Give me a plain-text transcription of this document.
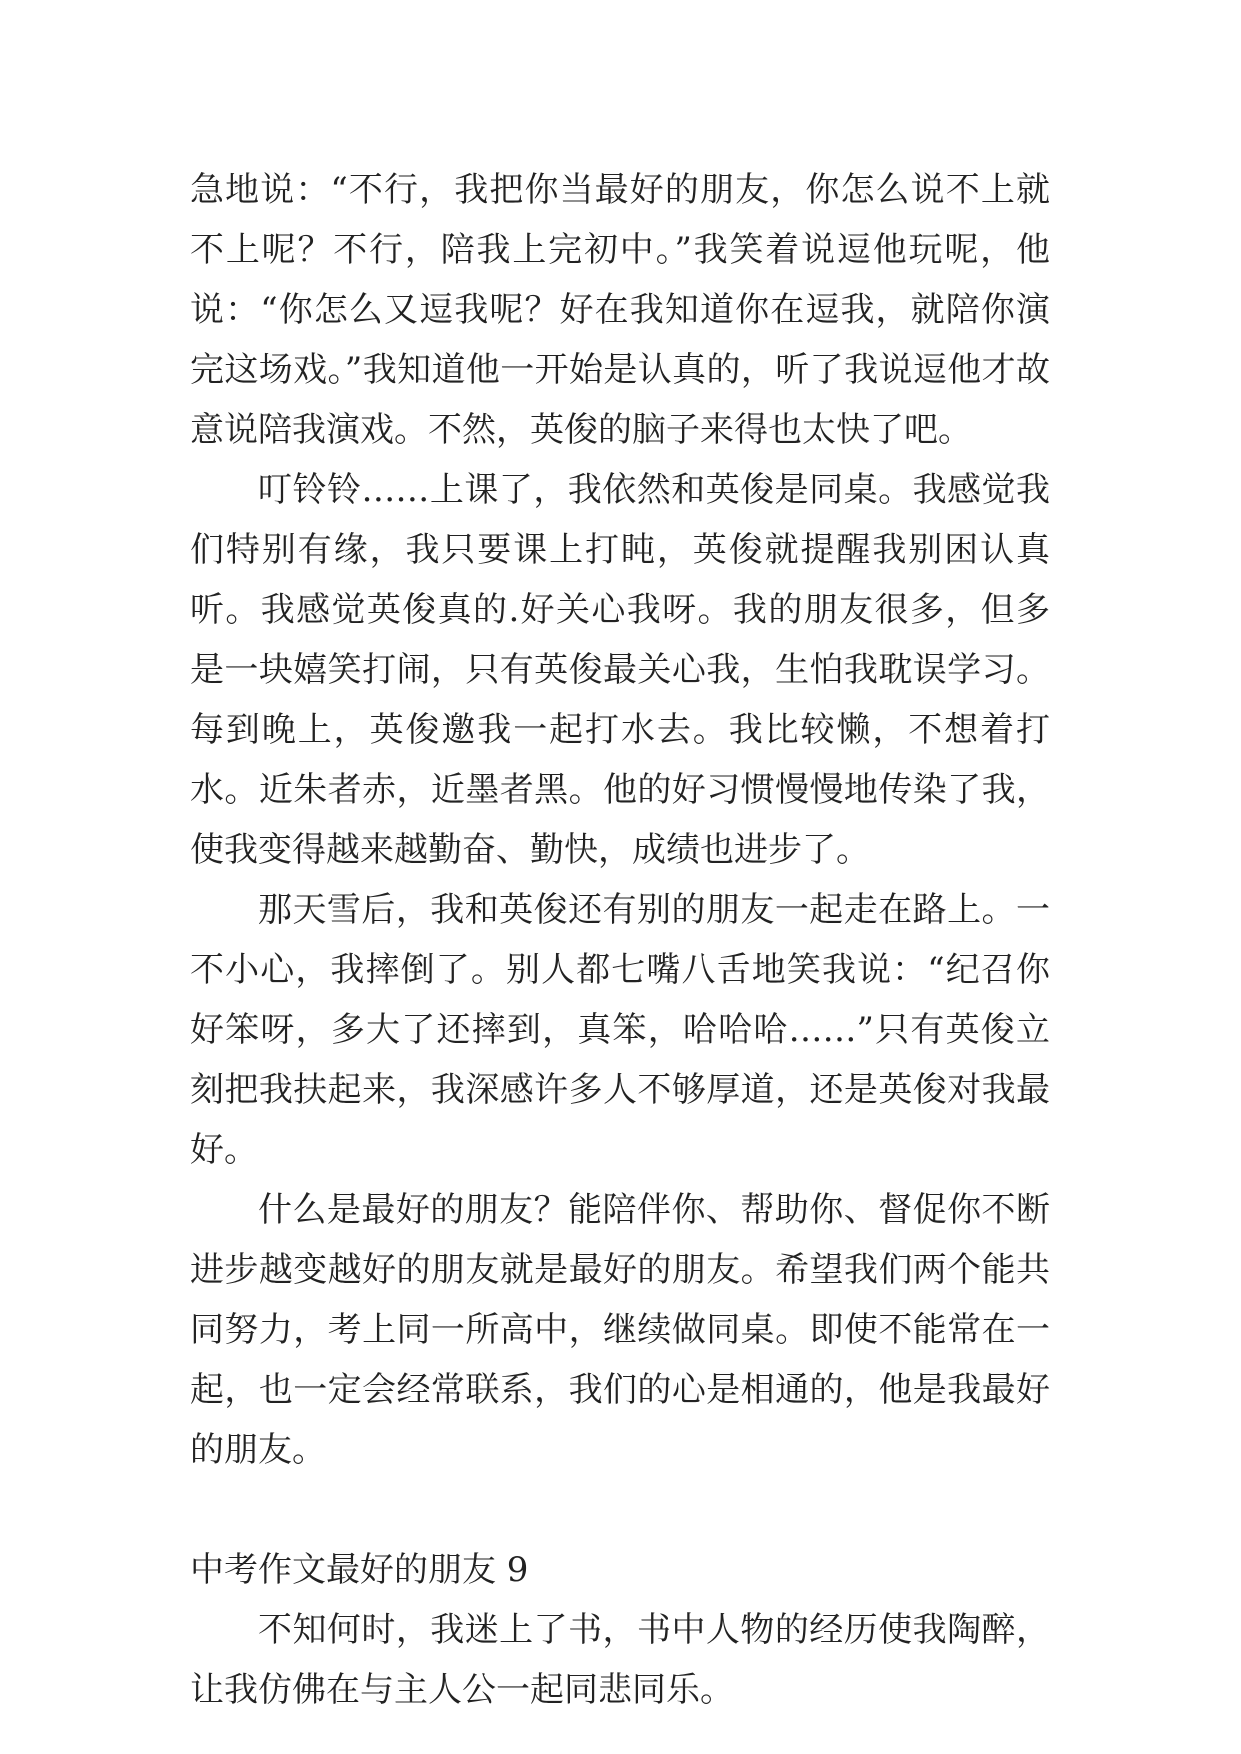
急地说：“不行，我把你当最好的朋友，你怎么说不上就不上呢？不行，陪我上完初中。”我笑着说逗他玩呢，他说：“你怎么又逗我呢？好在我知道你在逗我，就陪你演完这场戏。”我知道他一开始是认真的，听了我说逗他才故意说陪我演戏。不然，英俊的脑子来得也太快了吧。

叮铃铃……上课了，我依然和英俊是同桌。我感觉我们特别有缘，我只要课上打盹，英俊就提醒我别困认真听。我感觉英俊真的.好关心我呀。我的朋友很多，但多是一块嬉笑打闹，只有英俊最关心我，生怕我耽误学习。每到晚上，英俊邀我一起打水去。我比较懒，不想着打水。近朱者赤，近墨者黑。他的好习惯慢慢地传染了我，使我变得越来越勤奋、勤快，成绩也进步了。

那天雪后，我和英俊还有别的朋友一起走在路上。一不小心，我摔倒了。别人都七嘴八舌地笑我说：“纪召你好笨呀，多大了还摔到，真笨，哈哈哈……”只有英俊立刻把我扶起来，我深感许多人不够厚道，还是英俊对我最好。

什么是最好的朋友？能陪伴你、帮助你、督促你不断进步越变越好的朋友就是最好的朋友。希望我们两个能共同努力，考上同一所高中，继续做同桌。即使不能常在一起，也一定会经常联系，我们的心是相通的，他是我最好的朋友。

中考作文最好的朋友 9

不知何时，我迷上了书，书中人物的经历使我陶醉，让我仿佛在与主人公一起同悲同乐。
